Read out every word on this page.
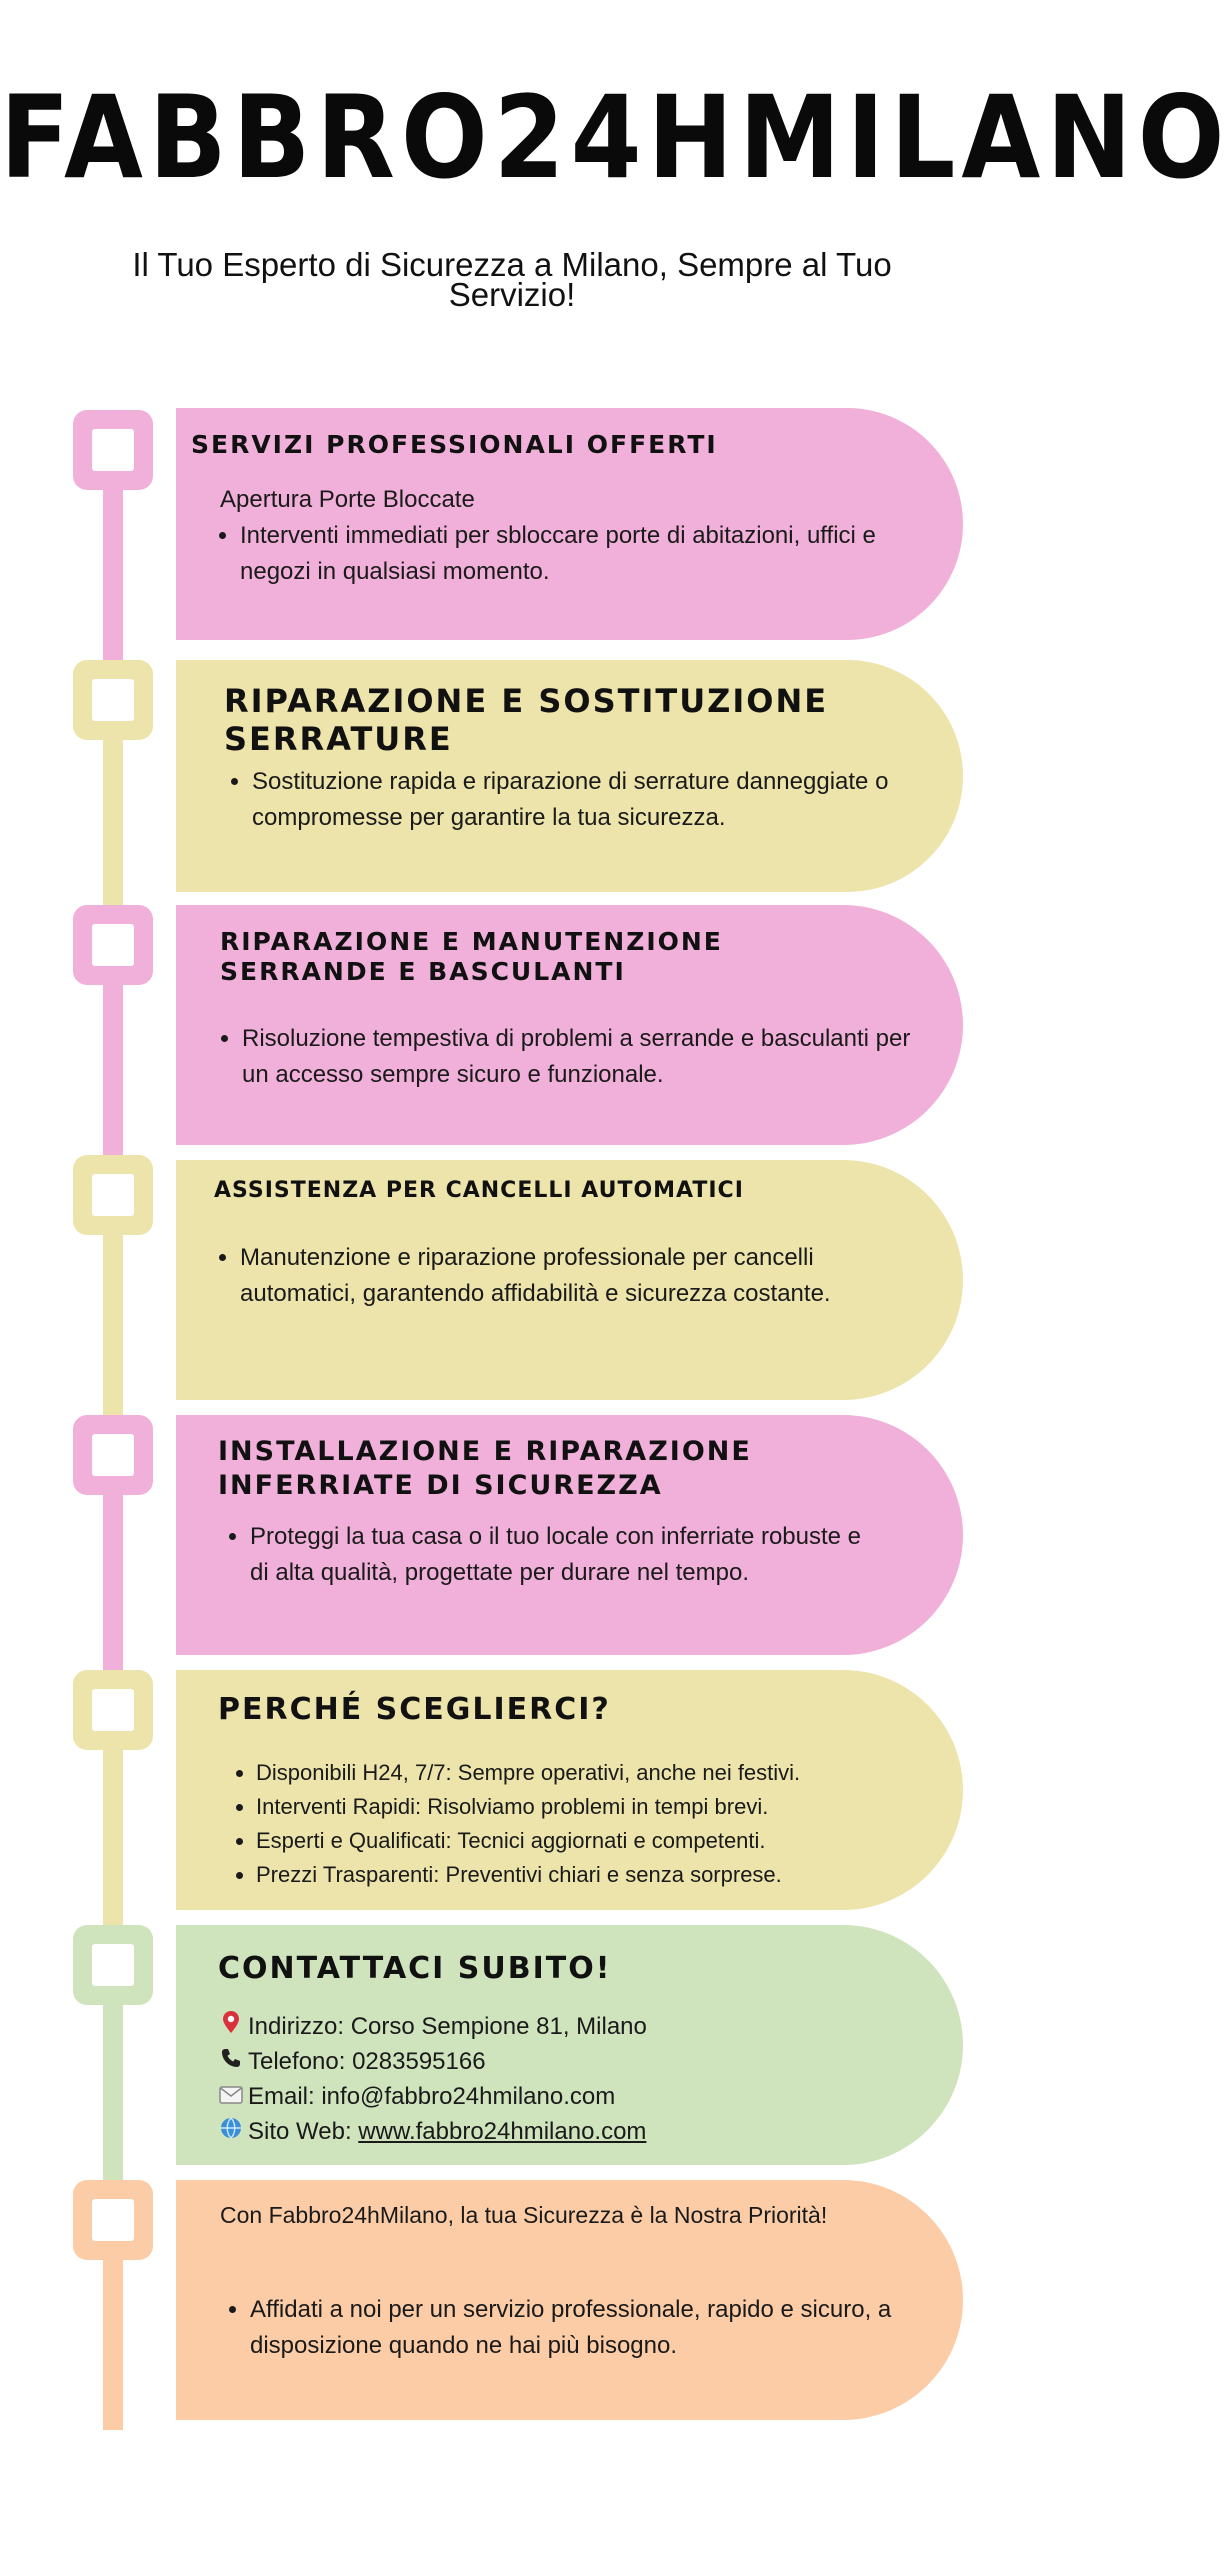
FABBRO24HMILANO
Il Tuo Esperto di Sicurezza a Milano, Sempre al Tuo Servizio!
SERVIZI PROFESSIONALI OFFERTI
Apertura Porte Bloccate
• Interventi immediati per sbloccare porte di abitazioni, uffici e negozi in qualsiasi momento.
RIPARAZIONE E SOSTITUZIONE SERRATURE
• Sostituzione rapida e riparazione di serrature danneggiate o compromesse per garantire la tua sicurezza.
RIPARAZIONE E MANUTENZIONE SERRANDE E BASCULANTI
• Risoluzione tempestiva di problemi a serrande e basculanti per un accesso sempre sicuro e funzionale.
ASSISTENZA PER CANCELLI AUTOMATICI
• Manutenzione e riparazione professionale per cancelli automatici, garantendo affidabilità e sicurezza costante.
INSTALLAZIONE E RIPARAZIONE INFERRIATE DI SICUREZZA
• Proteggi la tua casa o il tuo locale con inferriate robuste e di alta qualità, progettate per durare nel tempo.
PERCHÉ SCEGLIERCI?
• Disponibili H24, 7/7: Sempre operativi, anche nei festivi.
• Interventi Rapidi: Risolviamo problemi in tempi brevi.
• Esperti e Qualificati: Tecnici aggiornati e competenti.
• Prezzi Trasparenti: Preventivi chiari e senza sorprese.
CONTATTACI SUBITO!
Indirizzo: Corso Sempione 81, Milano
Telefono: 0283595166
Email: info@fabbro24hmilano.com
Sito Web: www.fabbro24hmilano.com
Con Fabbro24hMilano, la tua Sicurezza è la Nostra Priorità!
• Affidati a noi per un servizio professionale, rapido e sicuro, a disposizione quando ne hai più bisogno.
